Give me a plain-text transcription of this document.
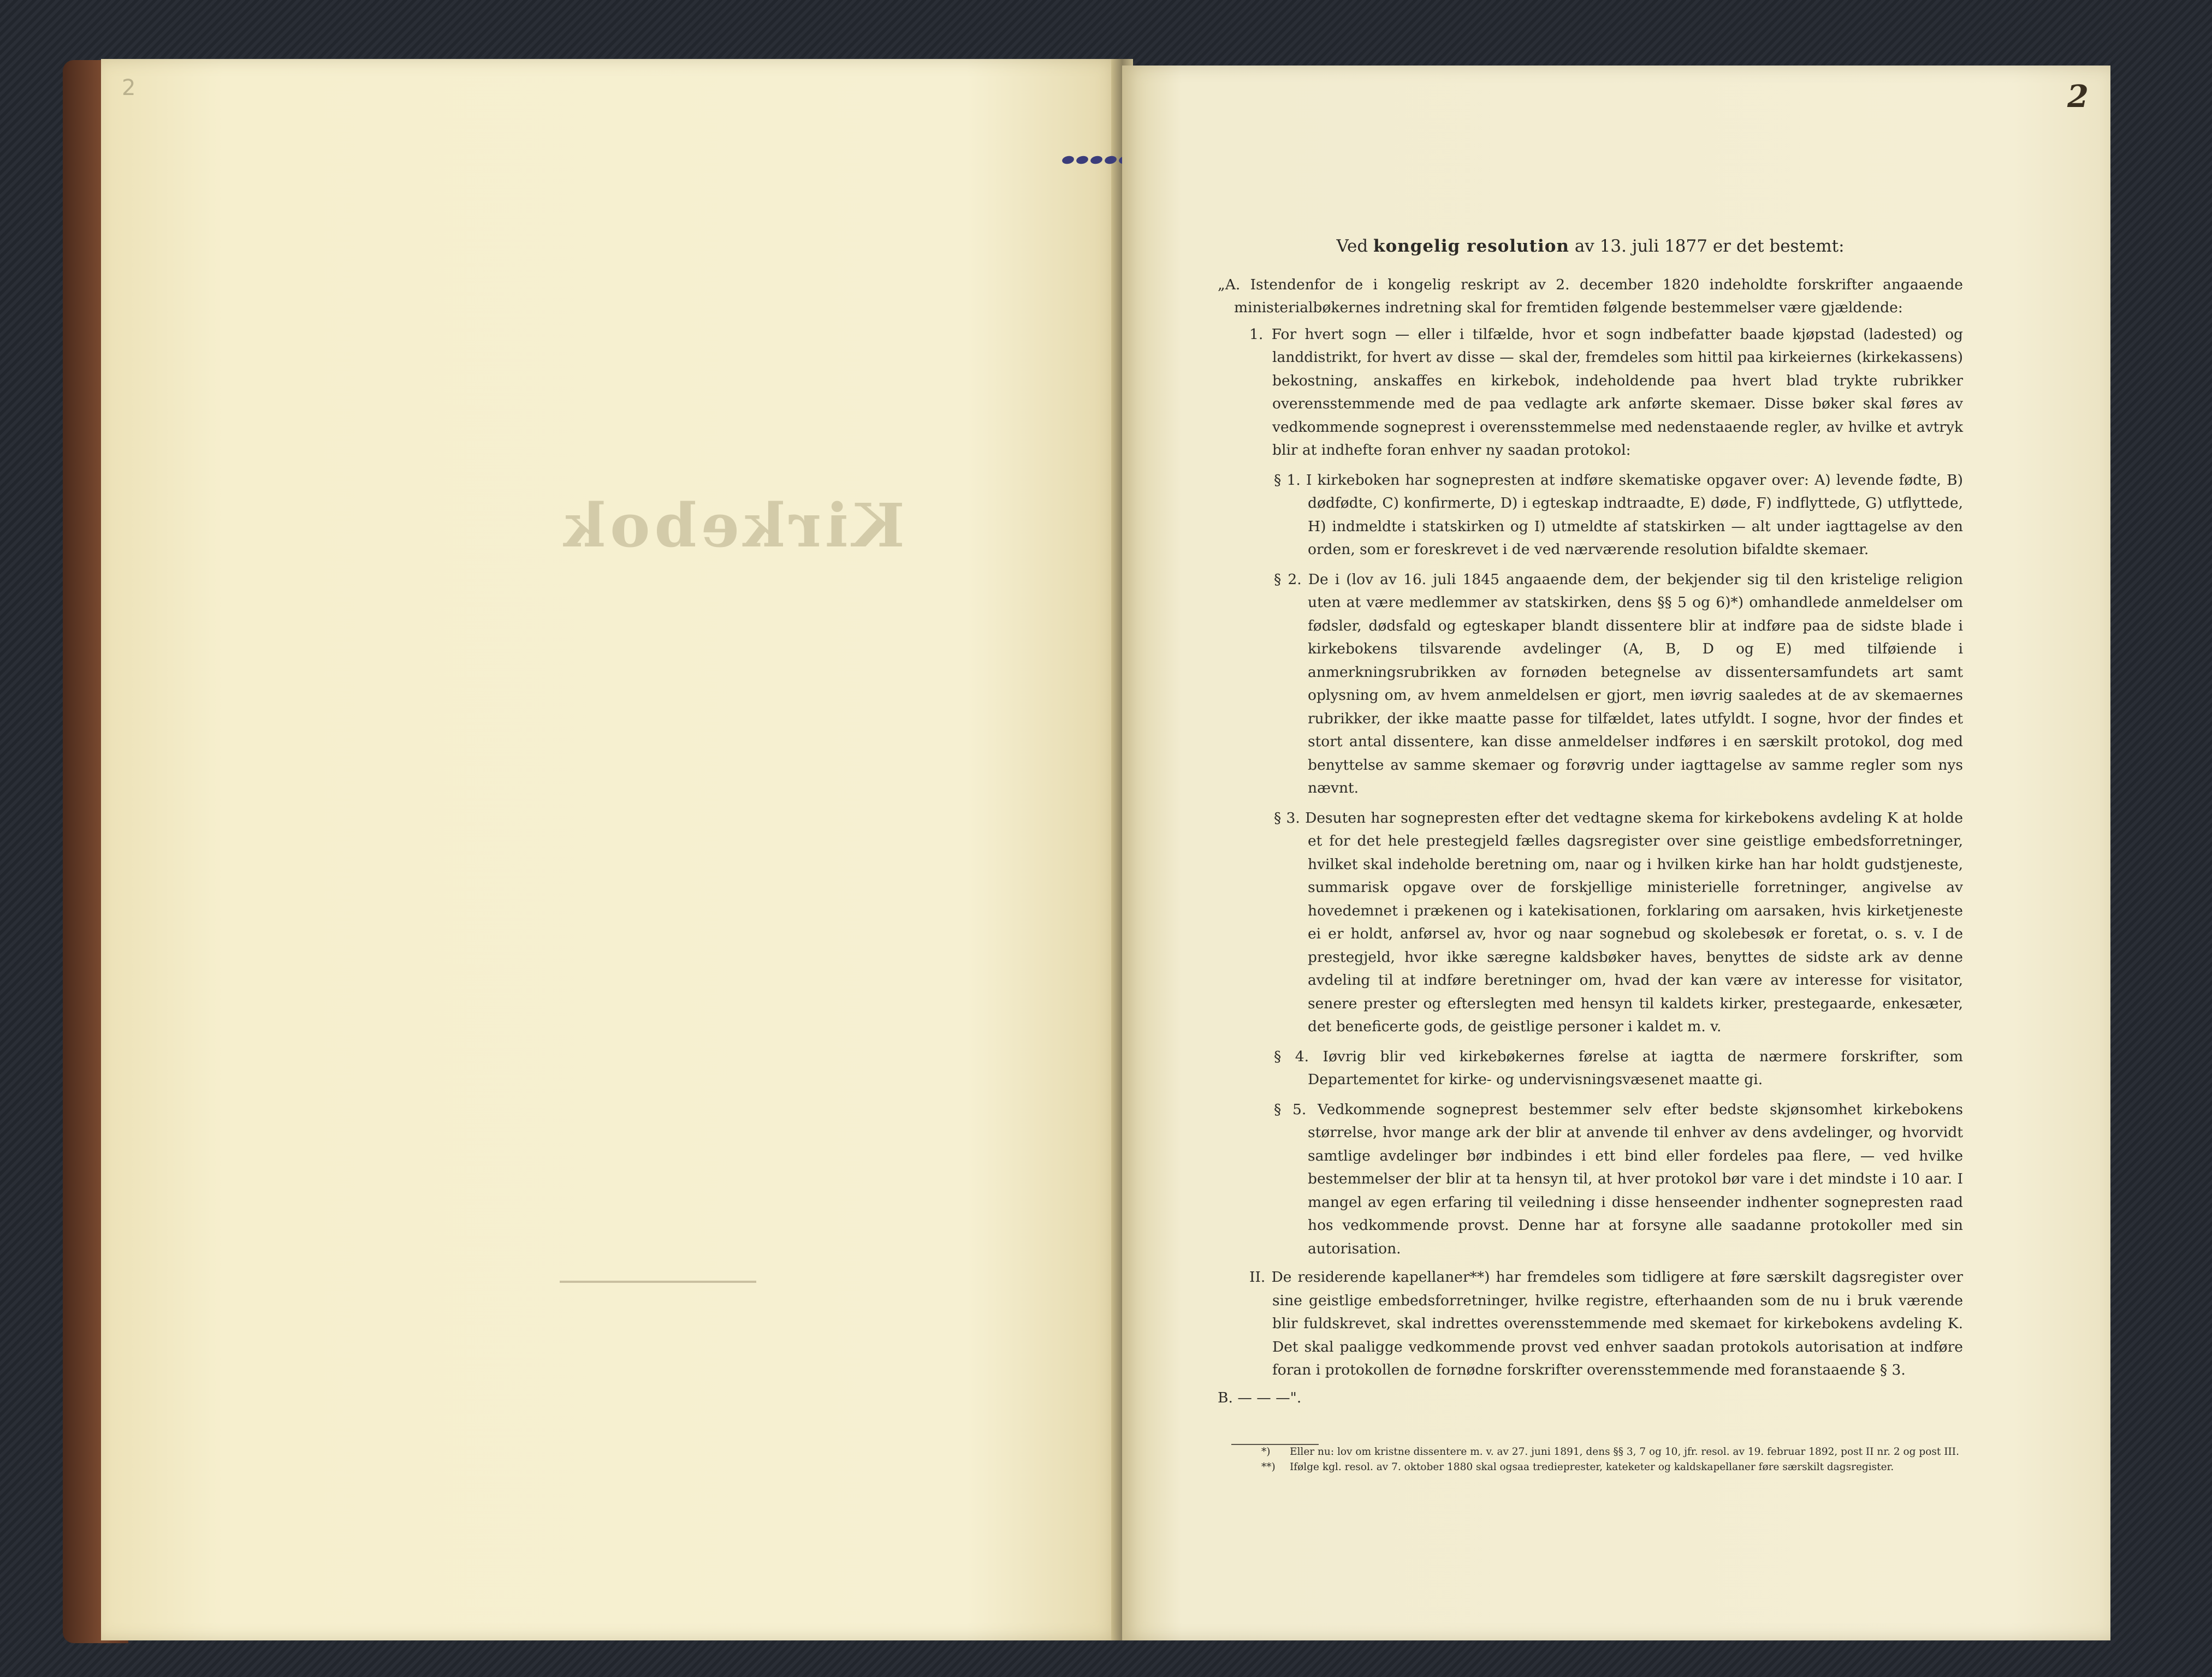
2
Kirkebok
2

Ved kongelig resolution av 13. juli 1877 er det bestemt:

„A. Istendenfor de i kongelig reskript av 2. december 1820 indeholdte forskrifter angaaende ministerialbøkernes indretning skal for fremtiden følgende bestemmelser være gjældende:

1. For hvert sogn — eller i tilfælde, hvor et sogn indbefatter baade kjøpstad (ladested) og landdistrikt, for hvert av disse — skal der, fremdeles som hittil paa kirkeiernes (kirkekassens) bekostning, anskaffes en kirkebok, indeholdende paa hvert blad trykte rubrikker overensstemmende med de paa vedlagte ark anførte skemaer. Disse bøker skal føres av vedkommende sogneprest i overensstemmelse med nedenstaaende regler, av hvilke et avtryk blir at indhefte foran enhver ny saadan protokol:

§ 1. I kirkeboken har sognepresten at indføre skematiske opgaver over: A) levende fødte, B) dødfødte, C) konfirmerte, D) i egteskap indtraadte, E) døde, F) indflyttede, G) utflyttede, H) indmeldte i statskirken og I) utmeldte af statskirken — alt under iagttagelse av den orden, som er foreskrevet i de ved nærværende resolution bifaldte skemaer.

§ 2. De i (lov av 16. juli 1845 angaaende dem, der bekjender sig til den kristelige religion uten at være medlemmer av statskirken, dens §§ 5 og 6)*) omhandlede anmeldelser om fødsler, dødsfald og egteskaper blandt dissentere blir at indføre paa de sidste blade i kirkebokens tilsvarende avdelinger (A, B, D og E) med tilføiende i anmerkningsrubrikken av fornøden betegnelse av dissentersamfundets art samt oplysning om, av hvem anmeldelsen er gjort, men iøvrig saaledes at de av skemaernes rubrikker, der ikke maatte passe for tilfældet, lates utfyldt. I sogne, hvor der findes et stort antal dissentere, kan disse anmeldelser indføres i en særskilt protokol, dog med benyttelse av samme skemaer og forøvrig under iagttagelse av samme regler som nys nævnt.

§ 3. Desuten har sognepresten efter det vedtagne skema for kirkebokens avdeling K at holde et for det hele prestegjeld fælles dagsregister over sine geistlige embedsforretninger, hvilket skal indeholde beretning om, naar og i hvilken kirke han har holdt gudstjeneste, summarisk opgave over de forskjellige ministerielle forretninger, angivelse av hovedemnet i prækenen og i katekisationen, forklaring om aarsaken, hvis kirketjeneste ei er holdt, anførsel av, hvor og naar sognebud og skolebesøk er foretat, o. s. v. I de prestegjeld, hvor ikke særegne kaldsbøker haves, benyttes de sidste ark av denne avdeling til at indføre beretninger om, hvad der kan være av interesse for visitator, senere prester og efterslegten med hensyn til kaldets kirker, prestegaarde, enkesæter, det beneficerte gods, de geistlige personer i kaldet m. v.

§ 4. Iøvrig blir ved kirkebøkernes førelse at iagtta de nærmere forskrifter, som Departementet for kirke- og undervisningsvæsenet maatte gi.

§ 5. Vedkommende sogneprest bestemmer selv efter bedste skjønsomhet kirkebokens størrelse, hvor mange ark der blir at anvende til enhver av dens avdelinger, og hvorvidt samtlige avdelinger bør indbindes i ett bind eller fordeles paa flere, — ved hvilke bestemmelser der blir at ta hensyn til, at hver protokol bør vare i det mindste i 10 aar. I mangel av egen erfaring til veiledning i disse henseender indhenter sognepresten raad hos vedkommende provst. Denne har at forsyne alle saadanne protokoller med sin autorisation.

II. De residerende kapellaner**) har fremdeles som tidligere at føre særskilt dagsregister over sine geistlige embedsforretninger, hvilke registre, efterhaanden som de nu i bruk værende blir fuldskrevet, skal indrettes overensstemmende med skemaet for kirkebokens avdeling K. Det skal paaligge vedkommende provst ved enhver saadan protokols autorisation at indføre foran i protokollen de fornødne forskrifter overensstemmende med foranstaaende § 3.

B. — — —".

*) Eller nu: lov om kristne dissentere m. v. av 27. juni 1891, dens §§ 3, 7 og 10, jfr. resol. av 19. februar 1892, post II nr. 2 og post III.

**) Ifølge kgl. resol. av 7. oktober 1880 skal ogsaa tredieprester, kateketer og kaldskapellaner føre særskilt dagsregister.
